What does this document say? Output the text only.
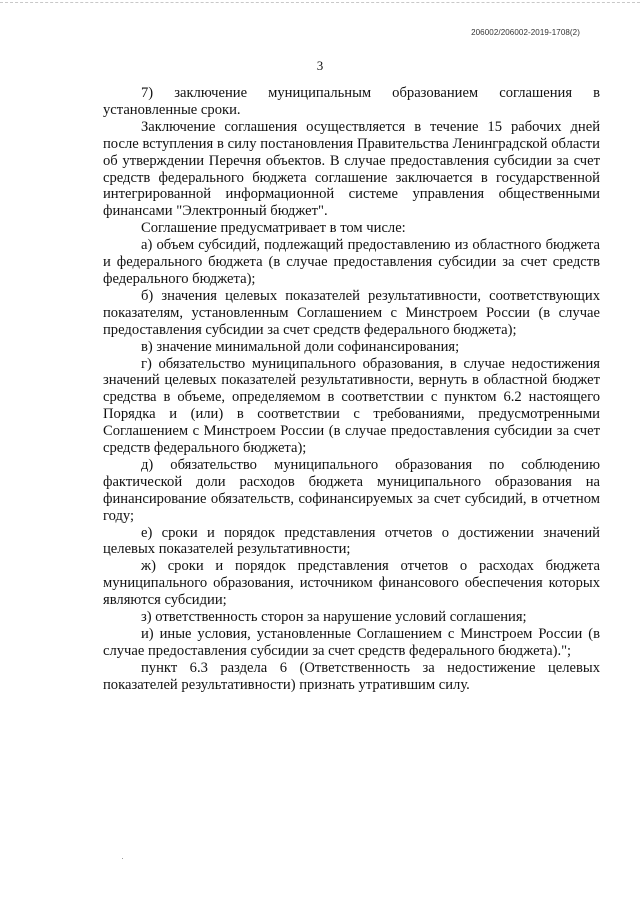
206002/206002-2019-1708(2)
3

7) заключение муниципальным образованием соглашения в установленные сроки.

Заключение соглашения осуществляется в течение 15 рабочих дней после вступления в силу постановления Правительства Ленинградской области об утверждении Перечня объектов. В случае предоставления субсидии за счет средств федерального бюджета соглашение заключается в государственной интегрированной информационной системе управления общественными финансами "Электронный бюджет".

Соглашение предусматривает в том числе:

а) объем субсидий, подлежащий предоставлению из областного бюджета и федерального бюджета (в случае предоставления субсидии за счет средств федерального бюджета);

б) значения целевых показателей результативности, соответствующих показателям, установленным Соглашением с Минстроем России (в случае предоставления субсидии за счет средств федерального бюджета);

в) значение минимальной доли софинансирования;

г) обязательство муниципального образования, в случае недостижения значений целевых показателей результативности, вернуть в областной бюджет средства в объеме, определяемом в соответствии с пунктом 6.2 настоящего Порядка и (или) в соответствии с требованиями, предусмотренными Соглашением с Минстроем России (в случае предоставления субсидии за счет средств федерального бюджета);

д) обязательство муниципального образования по соблюдению фактической доли расходов бюджета муниципального образования на финансирование обязательств, софинансируемых за счет субсидий, в отчетном году;

е) сроки и порядок представления отчетов о достижении значений целевых показателей результативности;

ж) сроки и порядок представления отчетов о расходах бюджета муниципального образования, источником финансового обеспечения которых являются субсидии;

з) ответственность сторон за нарушение условий соглашения;

и) иные условия, установленные Соглашением с Минстроем России (в случае предоставления субсидии за счет средств федерального бюджета).";

пункт 6.3 раздела 6 (Ответственность за недостижение целевых показателей результативности) признать утратившим силу.
